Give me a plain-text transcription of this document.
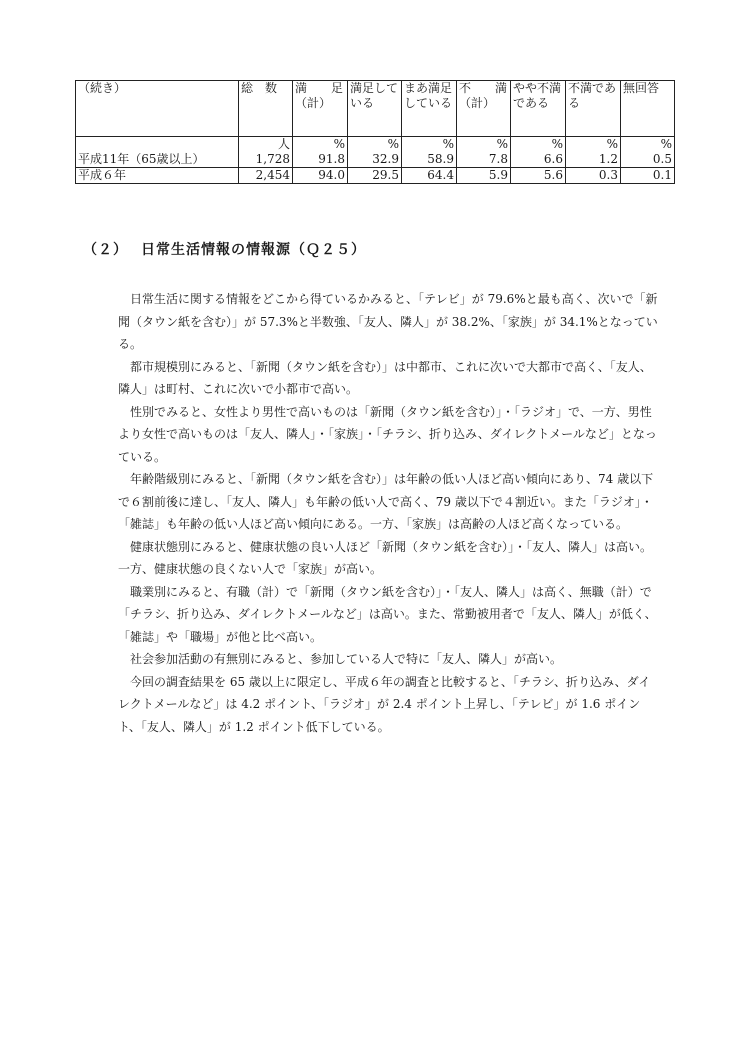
（続き）	総　数	満　　足（計）	満足している	まあ満足している	不　　満（計）	やや不満である	不満である	無回答
	人	%	%	%	%	%	%	%
平成11年（65歳以上）	1,728	91.8	32.9	58.9	7.8	6.6	1.2	0.5
平成６年	2,454	94.0	29.5	64.4	5.9	5.6	0.3	0.1
（２） 日常生活情報の情報源（Ｑ２５）

日常生活に関する情報をどこから得ているかみると、「テレビ」が 79.6%と最も高く、次いで「新聞（タウン紙を含む）」が 57.3%と半数強、「友人、隣人」が 38.2%、「家族」が 34.1%となっている。

都市規模別にみると、「新聞（タウン紙を含む）」は中都市、これに次いで大都市で高く、「友人、隣人」は町村、これに次いで小都市で高い。

性別でみると、女性より男性で高いものは「新聞（タウン紙を含む）」・「ラジオ」で、一方、男性より女性で高いものは「友人、隣人」・「家族」・「チラシ、折り込み、ダイレクトメールなど」となっている。

年齢階級別にみると、「新聞（タウン紙を含む）」は年齢の低い人ほど高い傾向にあり、74 歳以下で６割前後に達し、「友人、隣人」も年齢の低い人で高く、79 歳以下で４割近い。また「ラジオ」・「雑誌」も年齢の低い人ほど高い傾向にある。一方、「家族」は高齢の人ほど高くなっている。

健康状態別にみると、健康状態の良い人ほど「新聞（タウン紙を含む）」・「友人、隣人」は高い。一方、健康状態の良くない人で「家族」が高い。

職業別にみると、有職（計）で「新聞（タウン紙を含む）」・「友人、隣人」は高く、無職（計）で「チラシ、折り込み、ダイレクトメールなど」は高い。また、常勤被用者で「友人、隣人」が低く、「雑誌」や「職場」が他と比べ高い。

社会参加活動の有無別にみると、参加している人で特に「友人、隣人」が高い。

今回の調査結果を 65 歳以上に限定し、平成６年の調査と比較すると、「チラシ、折り込み、ダイレクトメールなど」は 4.2 ポイント、「ラジオ」が 2.4 ポイント上昇し、「テレビ」が 1.6 ポイント、「友人、隣人」が 1.2 ポイント低下している。
